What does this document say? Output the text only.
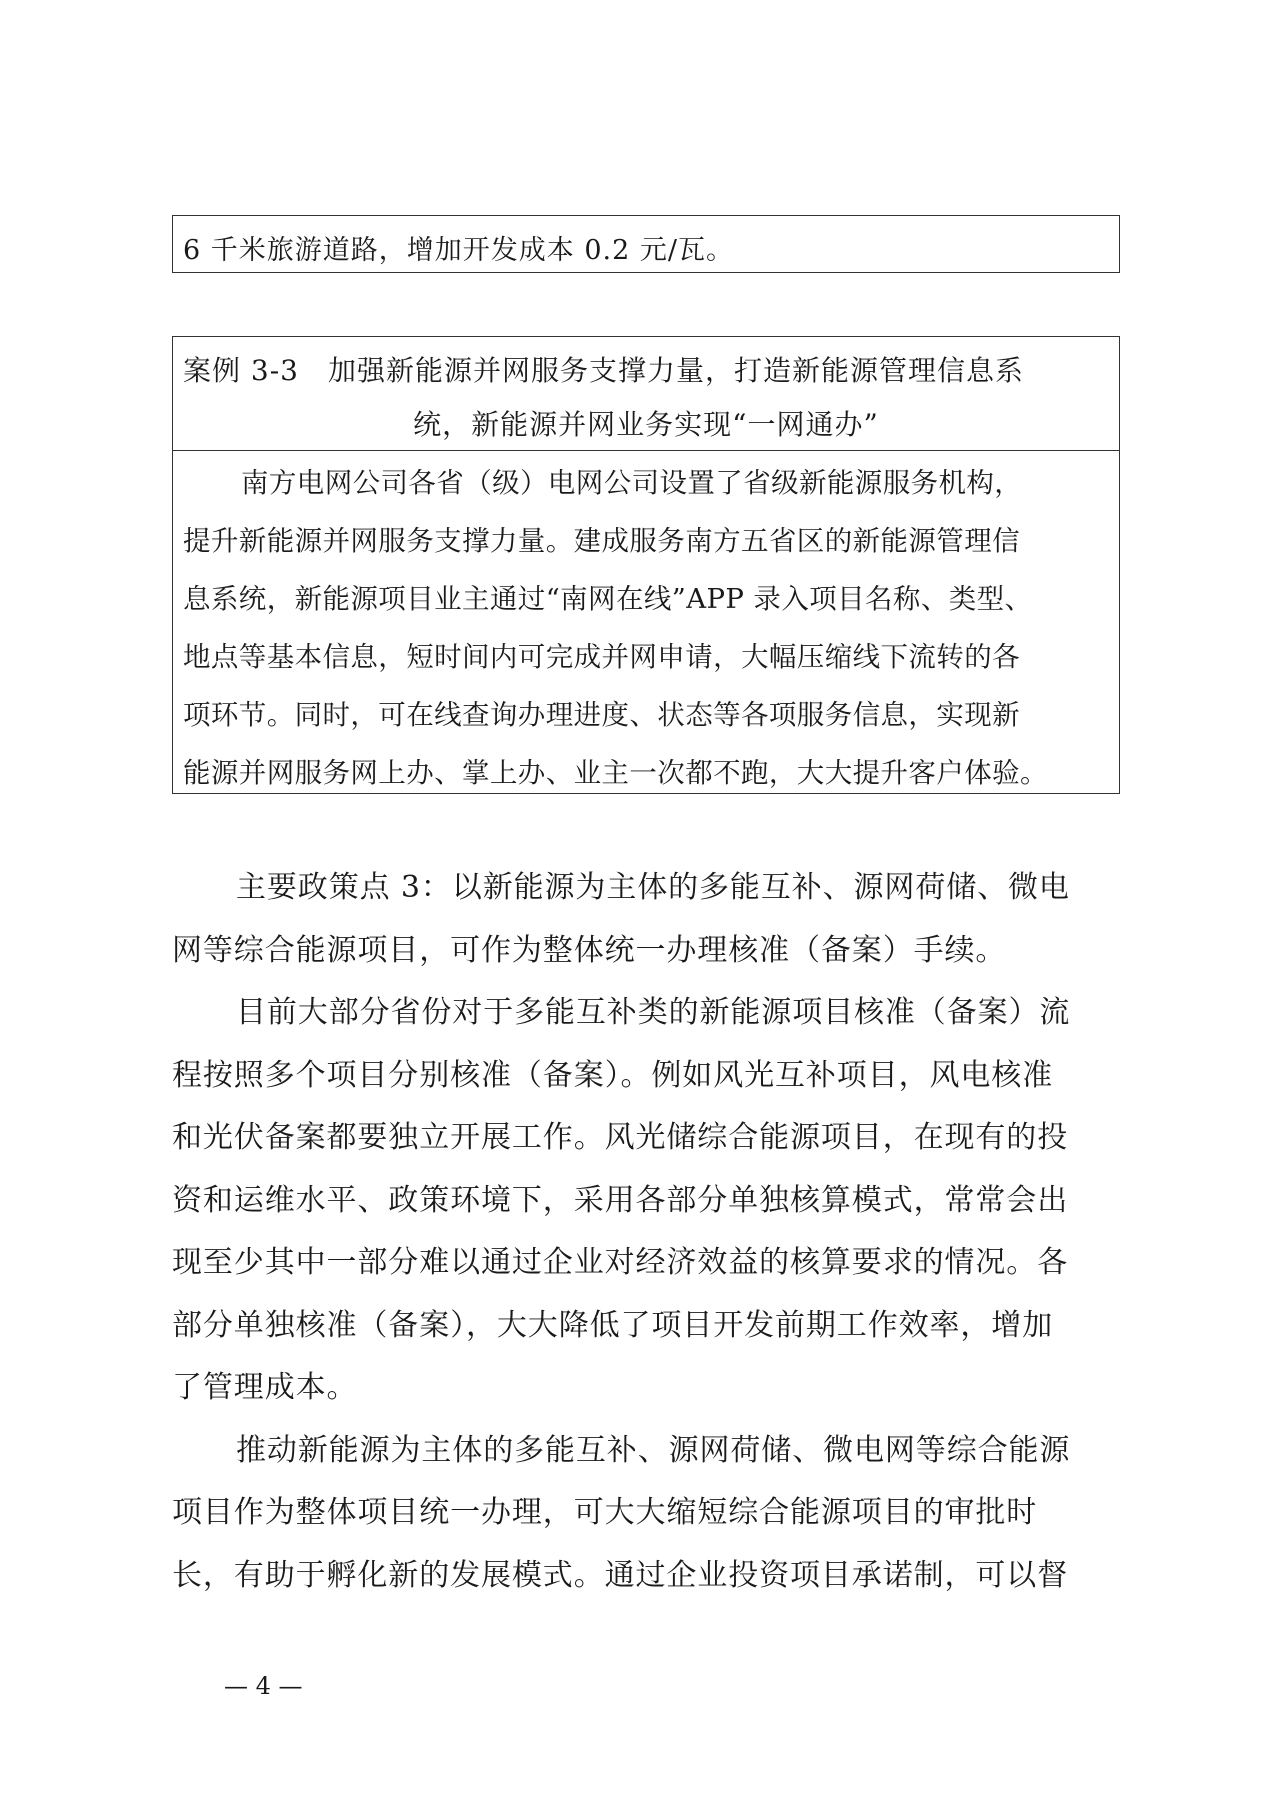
6 千米旅游道路，增加开发成本 0.2 元/瓦。
案例 3-3　加强新能源并网服务支撑力量，打造新能源管理信息系
统，新能源并网业务实现“一网通办”
南方电网公司各省（级）电网公司设置了省级新能源服务机构，
提升新能源并网服务支撑力量。建成服务南方五省区的新能源管理信
息系统，新能源项目业主通过“南网在线”APP 录入项目名称、类型、
地点等基本信息，短时间内可完成并网申请，大幅压缩线下流转的各
项环节。同时，可在线查询办理进度、状态等各项服务信息，实现新
能源并网服务网上办、掌上办、业主一次都不跑，大大提升客户体验。
主要政策点 3：以新能源为主体的多能互补、源网荷储、微电
网等综合能源项目，可作为整体统一办理核准（备案）手续。
目前大部分省份对于多能互补类的新能源项目核准（备案）流
程按照多个项目分别核准（备案）。例如风光互补项目，风电核准
和光伏备案都要独立开展工作。风光储综合能源项目，在现有的投
资和运维水平、政策环境下，采用各部分单独核算模式，常常会出
现至少其中一部分难以通过企业对经济效益的核算要求的情况。各
部分单独核准（备案），大大降低了项目开发前期工作效率，增加
了管理成本。
推动新能源为主体的多能互补、源网荷储、微电网等综合能源
项目作为整体项目统一办理，可大大缩短综合能源项目的审批时
长，有助于孵化新的发展模式。通过企业投资项目承诺制，可以督
— 4 —
